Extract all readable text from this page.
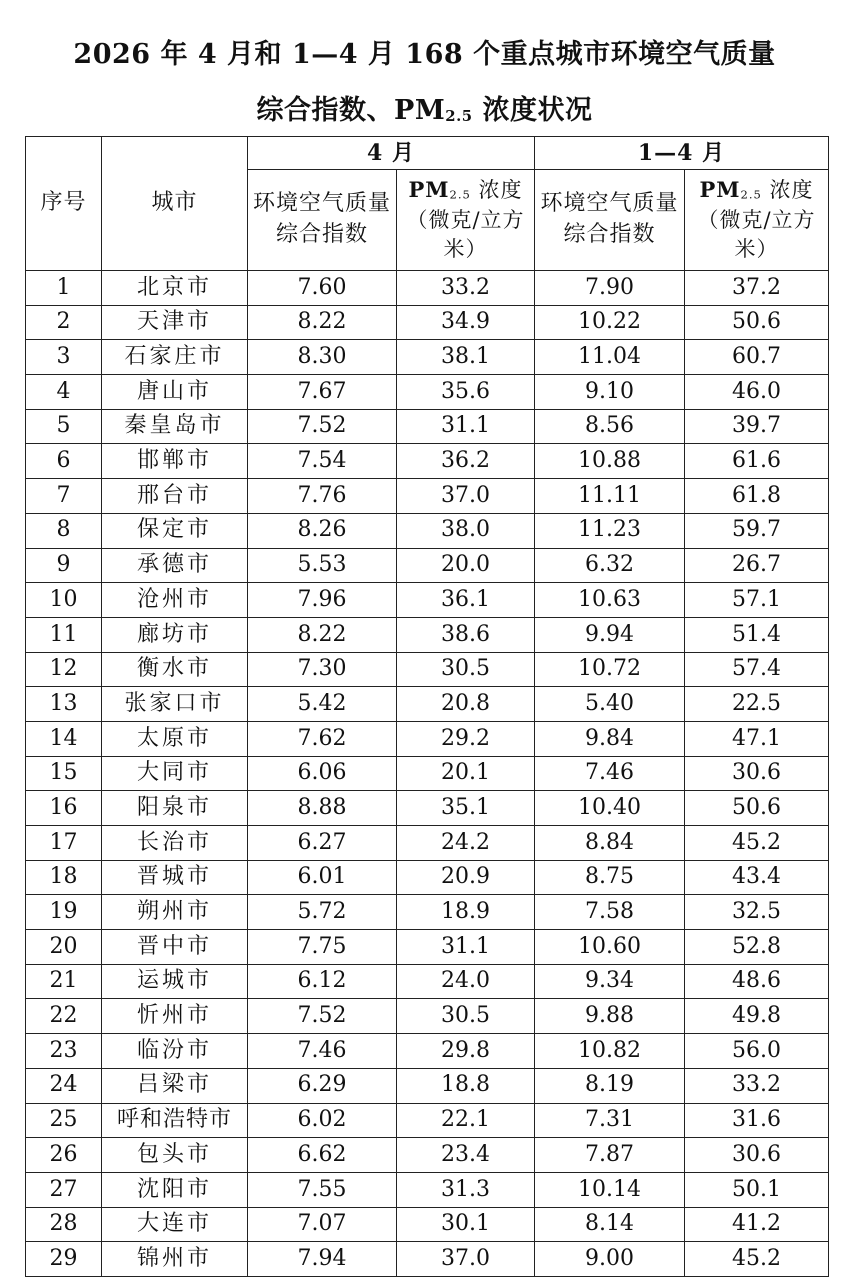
2026 年 4 月和 1—4 月 168 个重点城市环境空气质量
综合指数、$PM_{2.5}$ 浓度状况
序号	城市	4 月		1—4 月	
		环境空气质量综合指数	$PM_{2.5}$ 浓度（微克/立方米）	环境空气质量综合指数	$PM_{2.5}$ 浓度（微克/立方米）
1	北京市	7.60	33.2	7.90	37.2
2	天津市	8.22	34.9	10.22	50.6
3	石家庄市	8.30	38.1	11.04	60.7
4	唐山市	7.67	35.6	9.10	46.0
5	秦皇岛市	7.52	31.1	8.56	39.7
6	邯郸市	7.54	36.2	10.88	61.6
7	邢台市	7.76	37.0	11.11	61.8
8	保定市	8.26	38.0	11.23	59.7
9	承德市	5.53	20.0	6.32	26.7
10	沧州市	7.96	36.1	10.63	57.1
11	廊坊市	8.22	38.6	9.94	51.4
12	衡水市	7.30	30.5	10.72	57.4
13	张家口市	5.42	20.8	5.40	22.5
14	太原市	7.62	29.2	9.84	47.1
15	大同市	6.06	20.1	7.46	30.6
16	阳泉市	8.88	35.1	10.40	50.6
17	长治市	6.27	24.2	8.84	45.2
18	晋城市	6.01	20.9	8.75	43.4
19	朔州市	5.72	18.9	7.58	32.5
20	晋中市	7.75	31.1	10.60	52.8
21	运城市	6.12	24.0	9.34	48.6
22	忻州市	7.52	30.5	9.88	49.8
23	临汾市	7.46	29.8	10.82	56.0
24	吕梁市	6.29	18.8	8.19	33.2
25	呼和浩特市	6.02	22.1	7.31	31.6
26	包头市	6.62	23.4	7.87	30.6
27	沈阳市	7.55	31.3	10.14	50.1
28	大连市	7.07	30.1	8.14	41.2
29	锦州市	7.94	37.0	9.00	45.2
